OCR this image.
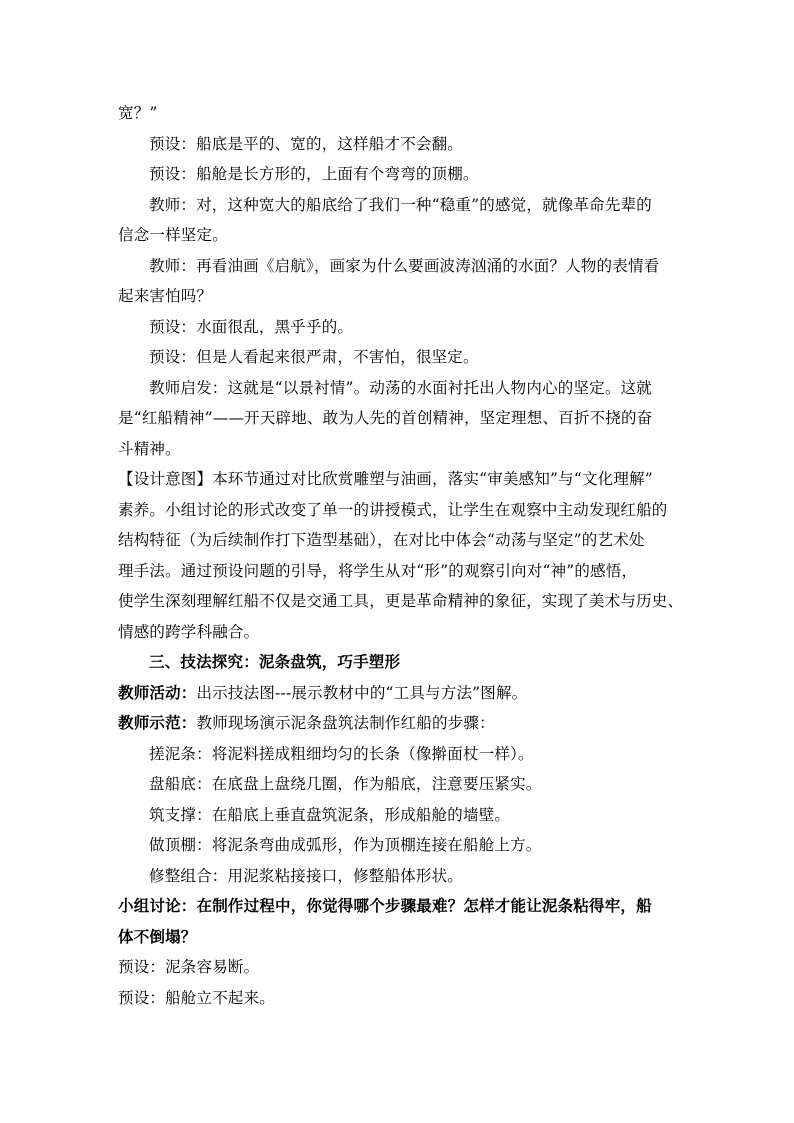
宽？”
预设：船底是平的、宽的，这样船才不会翻。
预设：船舱是长方形的，上面有个弯弯的顶棚。
教师：对，这种宽大的船底给了我们一种“稳重”的感觉，就像革命先辈的
信念一样坚定。
教师：再看油画《启航》，画家为什么要画波涛汹涌的水面？人物的表情看
起来害怕吗？
预设：水面很乱，黑乎乎的。
预设：但是人看起来很严肃，不害怕，很坚定。
教师启发：这就是“以景衬情”。动荡的水面衬托出人物内心的坚定。这就
是“红船精神”——开天辟地、敢为人先的首创精神，坚定理想、百折不挠的奋
斗精神。
【设计意图】本环节通过对比欣赏雕塑与油画，落实“审美感知”与“文化理解”
素养。小组讨论的形式改变了单一的讲授模式，让学生在观察中主动发现红船的
结构特征（为后续制作打下造型基础），在对比中体会“动荡与坚定”的艺术处
理手法。通过预设问题的引导，将学生从对“形”的观察引向对“神”的感悟，
使学生深刻理解红船不仅是交通工具，更是革命精神的象征，实现了美术与历史、
情感的跨学科融合。
三、技法探究：泥条盘筑，巧手塑形
教师活动：出示技法图---展示教材中的“工具与方法”图解。
教师示范：教师现场演示泥条盘筑法制作红船的步骤：
搓泥条：将泥料搓成粗细均匀的长条（像擀面杖一样）。
盘船底：在底盘上盘绕几圈，作为船底，注意要压紧实。
筑支撑：在船底上垂直盘筑泥条，形成船舱的墙壁。
做顶棚：将泥条弯曲成弧形，作为顶棚连接在船舱上方。
修整组合：用泥浆粘接接口，修整船体形状。
小组讨论：在制作过程中，你觉得哪个步骤最难？怎样才能让泥条粘得牢，船
体不倒塌？
预设：泥条容易断。
预设：船舱立不起来。
